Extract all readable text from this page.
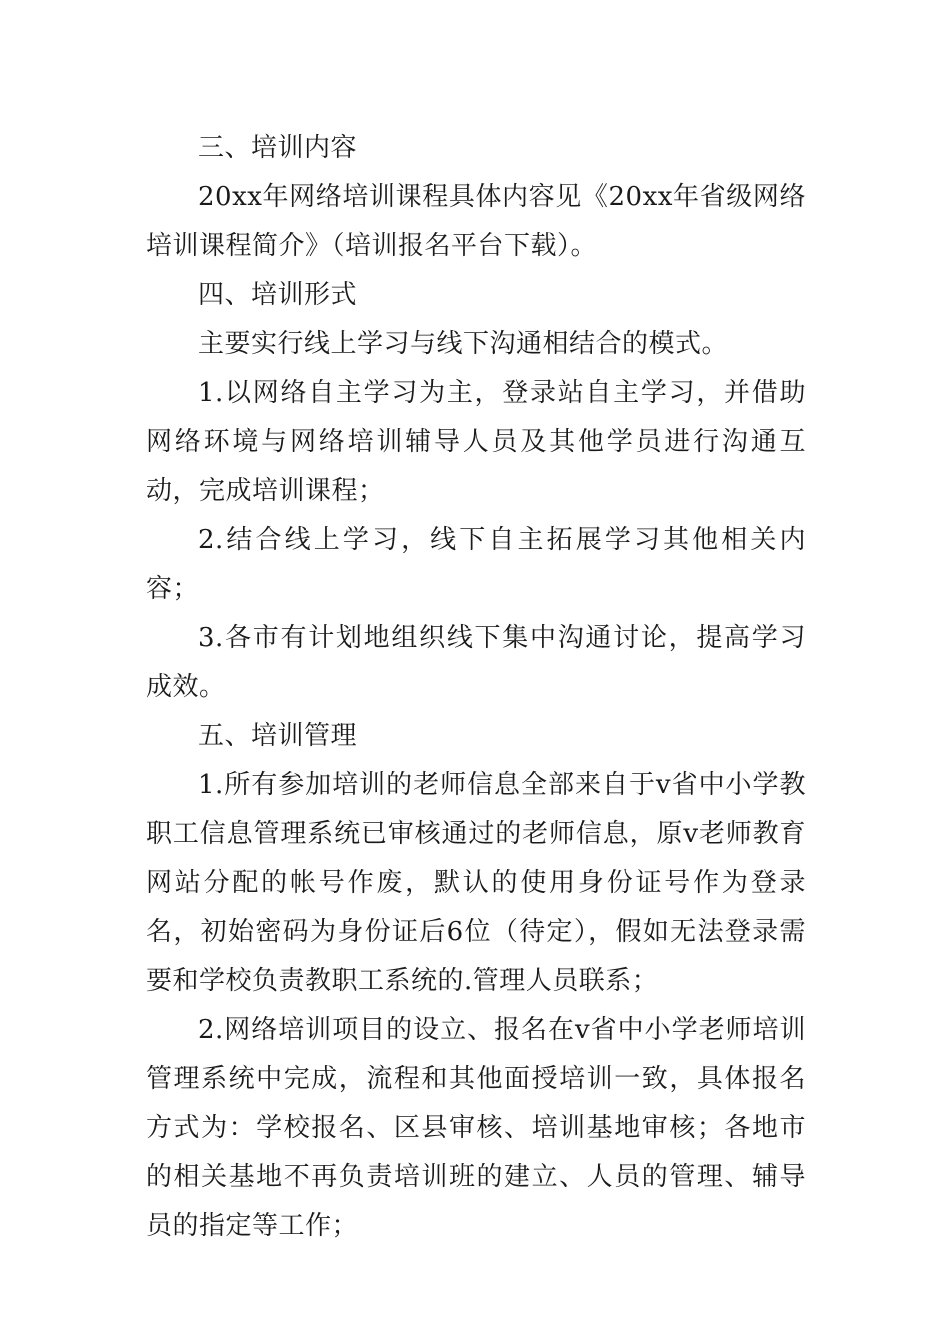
三、培训内容

20xx年网络培训课程具体内容见《20xx年省级网络培训课程简介》（培训报名平台下载）。

四、培训形式

主要实行线上学习与线下沟通相结合的模式。

1.以网络自主学习为主，登录站自主学习，并借助网络环境与网络培训辅导人员及其他学员进行沟通互动，完成培训课程；

2.结合线上学习，线下自主拓展学习其他相关内容；

3.各市有计划地组织线下集中沟通讨论，提高学习成效。

五、培训管理

1.所有参加培训的老师信息全部来自于v省中小学教职工信息管理系统已审核通过的老师信息，原v老师教育网站分配的帐号作废，默认的使用身份证号作为登录名，初始密码为身份证后6位（待定），假如无法登录需要和学校负责教职工系统的.管理人员联系；

2.网络培训项目的设立、报名在v省中小学老师培训管理系统中完成，流程和其他面授培训一致，具体报名方式为：学校报名、区县审核、培训基地审核；各地市的相关基地不再负责培训班的建立、人员的管理、辅导员的指定等工作；
